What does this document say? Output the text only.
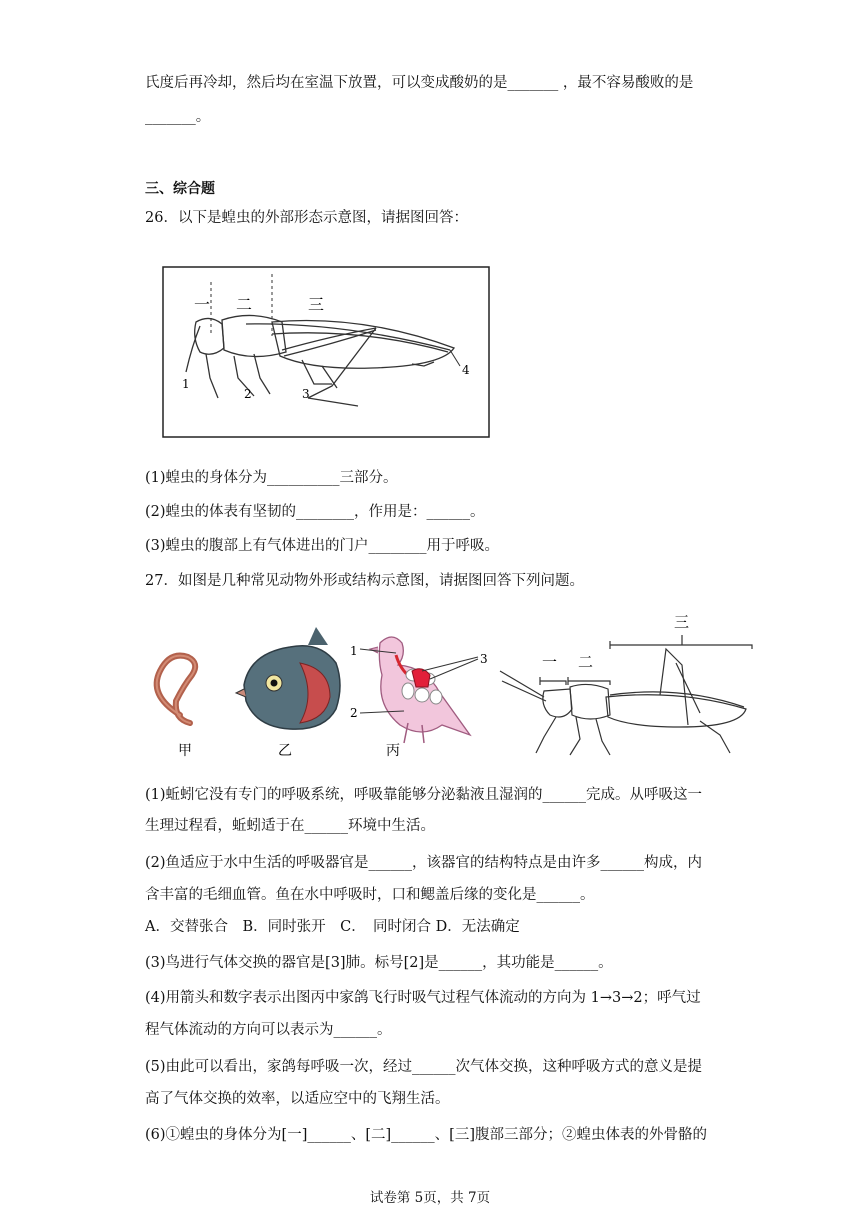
氏度后再冷却，然后均在室温下放置，可以变成酸奶的是_______ ，最不容易酸败的是
_______。
三、综合题
26．以下是蝗虫的外部形态示意图，请据图回答：
一 二	三
1
2	3
4
(1)蝗虫的身体分为__________三部分。
(2)蝗虫的体表有坚韧的________，作用是：______。
(3)蝗虫的腹部上有气体进出的门户________用于呼吸。
27．如图是几种常见动物外形或结构示意图，请据图回答下列问题。
甲	乙
1
2
3
丙
一 二
三
(1)蚯蚓它没有专门的呼吸系统，呼吸靠能够分泌黏液且湿润的______完成。从呼吸这一
生理过程看，蚯蚓适于在______环境中生活。
(2)鱼适应于水中生活的呼吸器官是______，该器官的结构特点是由许多______构成，内
含丰富的毛细血管。鱼在水中呼吸时，口和鳃盖后缘的变化是______。
A．交替张合　B．同时张开　C．　同时闭合 D．无法确定
(3)鸟进行气体交换的器官是[3]肺。标号[2]是______，其功能是______。
(4)用箭头和数字表示出图丙中家鸽飞行时吸气过程气体流动的方向为 1→3→2；呼气过
程气体流动的方向可以表示为______。
(5)由此可以看出，家鸽每呼吸一次，经过______次气体交换，这种呼吸方式的意义是提
高了气体交换的效率，以适应空中的飞翔生活。
(6)①蝗虫的身体分为[一]______、[二]______、[三]腹部三部分；②蝗虫体表的外骨骼的
试卷第 5页，共 7页
